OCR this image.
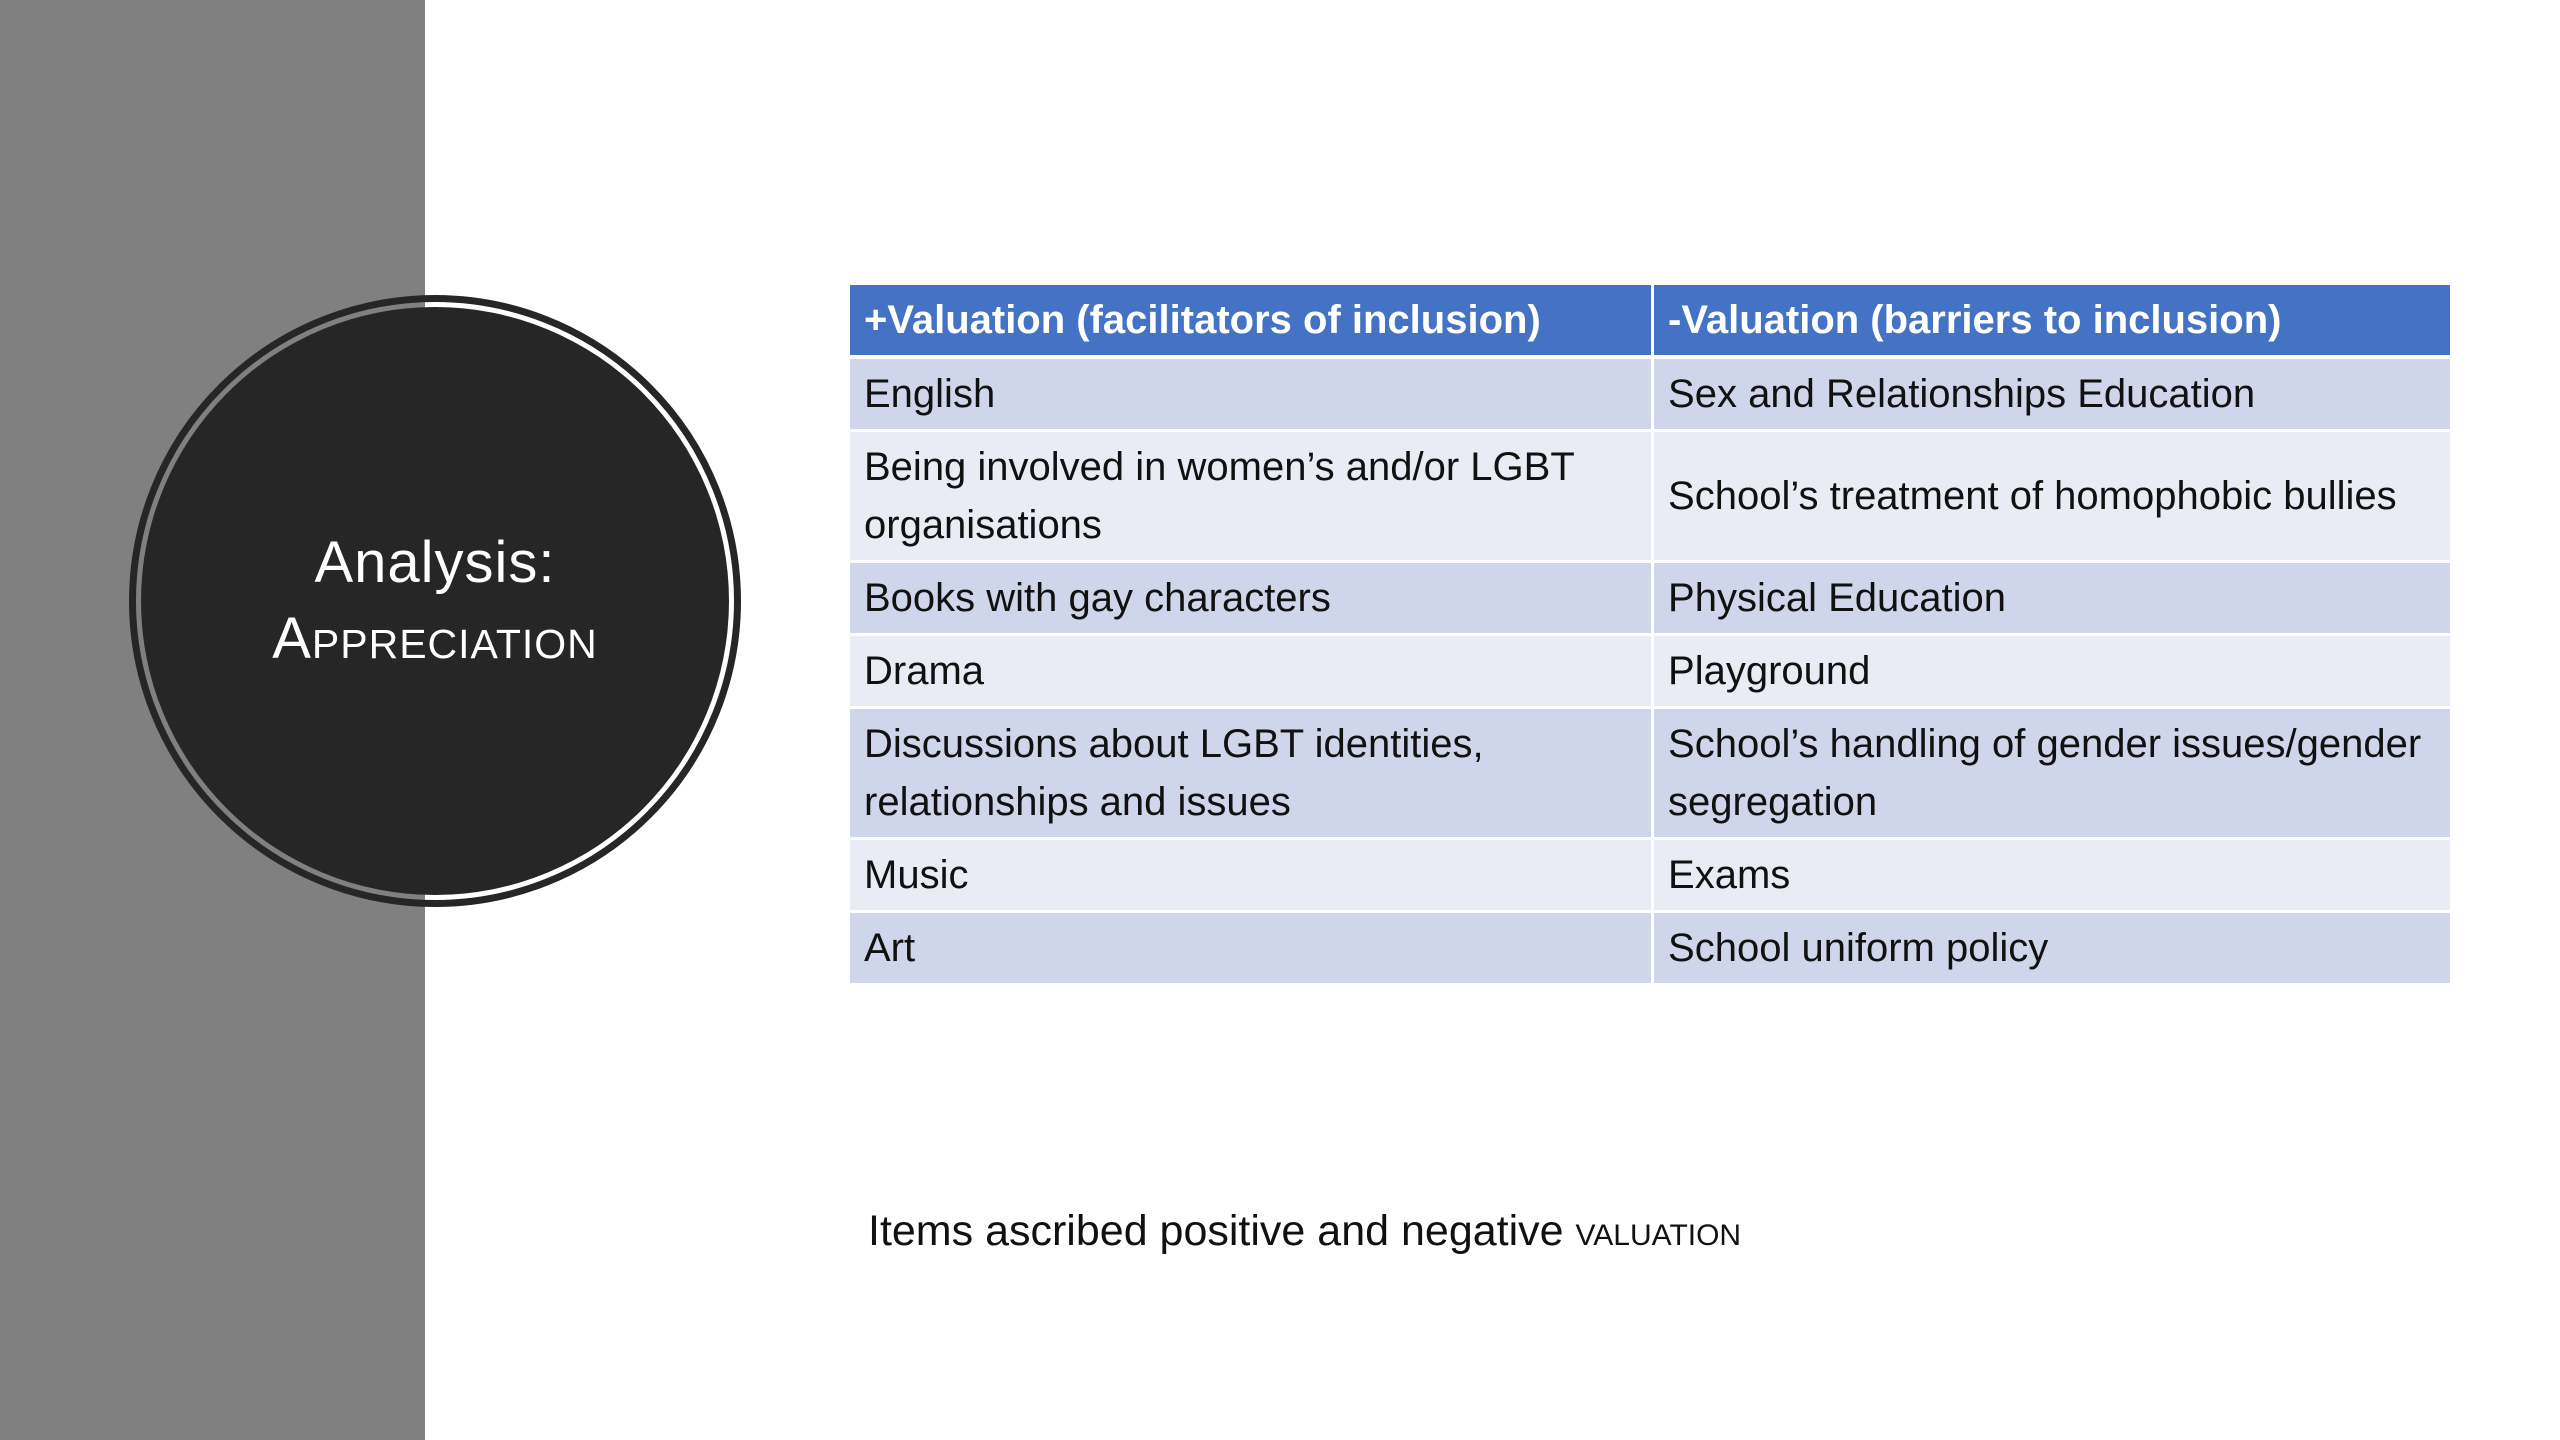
Analysis:
Appreciation
+Valuation (facilitators of inclusion)	-Valuation (barriers to inclusion)
English	Sex and Relationships Education
Being involved in women’s and/or LGBT organisations	School’s treatment of homophobic bullies
Books with gay characters	Physical Education
Drama	Playground
Discussions about LGBT identities, relationships and issues	School’s handling of gender issues/gender segregation
Music	Exams
Art	School uniform policy
Items ascribed positive and negative valuation
